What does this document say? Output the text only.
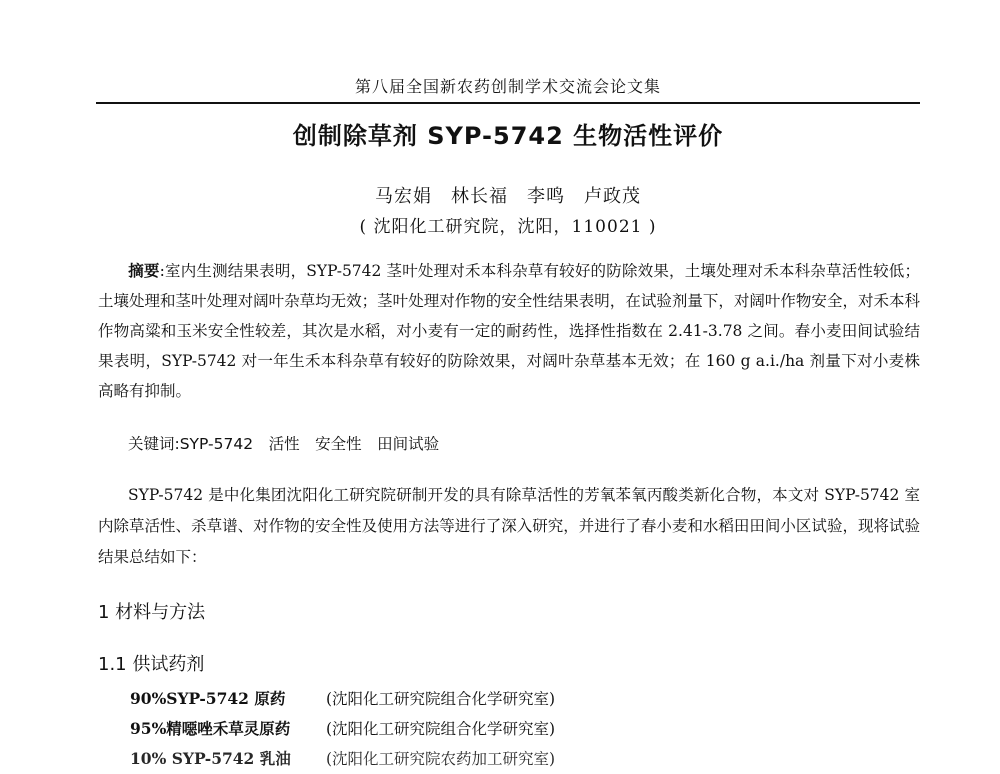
第八届全国新农药创制学术交流会论文集
创制除草剂 SYP-5742 生物活性评价
马宏娟　林长福　李鸣　卢政茂
( 沈阳化工研究院，沈阳，110021 )
摘要:室内生测结果表明，SYP-5742 茎叶处理对禾本科杂草有较好的防除效果，土壤处理对禾本科杂草活性较低；土壤处理和茎叶处理对阔叶杂草均无效；茎叶处理对作物的安全性结果表明，在试验剂量下，对阔叶作物安全，对禾本科作物高粱和玉米安全性较差，其次是水稻，对小麦有一定的耐药性，选择性指数在 2.41-3.78 之间。春小麦田间试验结果表明，SYP-5742 对一年生禾本科杂草有较好的防除效果，对阔叶杂草基本无效；在 160 g a.i./ha 剂量下对小麦株高略有抑制。
关键词:SYP-5742　活性　安全性　田间试验
SYP-5742 是中化集团沈阳化工研究院研制开发的具有除草活性的芳氧苯氧丙酸类新化合物，本文对 SYP-5742 室内除草活性、杀草谱、对作物的安全性及使用方法等进行了深入研究，并进行了春小麦和水稻田田间小区试验，现将试验结果总结如下：
1 材料与方法
1.1 供试药剂
90%SYP-5742 原药	(沈阳化工研究院组合化学研究室)
95%精噁唑禾草灵原药 (沈阳化工研究院组合化学研究室)
10% SYP-5742 乳油 (沈阳化工研究院农药加工研究室)
